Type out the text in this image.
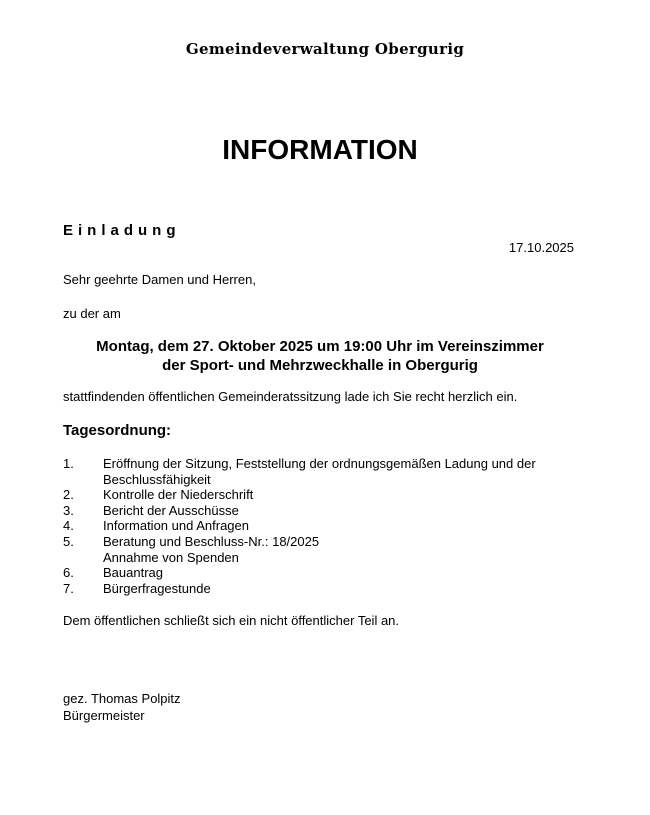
Gemeindeverwaltung Obergurig
INFORMATION
Einladung
17.10.2025
Sehr geehrte Damen und Herren,
zu der am
Montag, dem 27. Oktober 2025 um 19:00 Uhr im Vereinszimmer
der Sport- und Mehrzweckhalle in Obergurig
stattfindenden öffentlichen Gemeinderatssitzung lade ich Sie recht herzlich ein.
Tagesordnung:
1.	Eröffnung der Sitzung, Feststellung der ordnungsgemäßen Ladung und der
Beschlussfähigkeit
2.	Kontrolle der Niederschrift
3.	Bericht der Ausschüsse
4.	Information und Anfragen
5.	Beratung und Beschluss-Nr.: 18/2025
Annahme von Spenden
6.	Bauantrag
7.	Bürgerfragestunde
Dem öffentlichen schließt sich ein nicht öffentlicher Teil an.
gez. Thomas Polpitz
Bürgermeister
